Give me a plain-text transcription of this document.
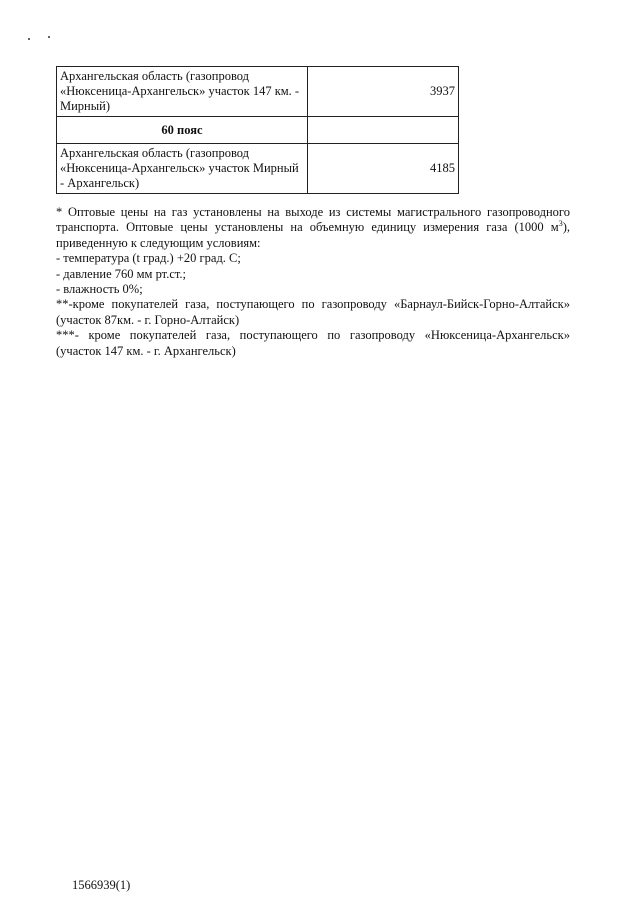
Архангельская область (газопровод
«Нюксеница-Архангельск» участок 147 км. -
Мирный)	3937
60 пояс	
Архангельская область (газопровод
«Нюксеница-Архангельск» участок Мирный
- Архангельск)	4185

* Оптовые цены на газ установлены на выходе из системы магистрального газопроводного

транспорта. Оптовые цены установлены на объемную единицу измерения газа (1000 $м^3$),

приведенную к следующим условиям:

- температура (t град.) +20 град. С;

- давление 760 мм рт.ст.;

- влажность 0%;

**-кроме покупателей газа, поступающего по газопроводу «Барнаул-Бийск-Горно-Алтайск»

(участок 87км. - г. Горно-Алтайск)

***- кроме покупателей газа, поступающего по газопроводу «Нюксеница-Архангельск»

(участок 147 км. - г. Архангельск)

1566939(1)
